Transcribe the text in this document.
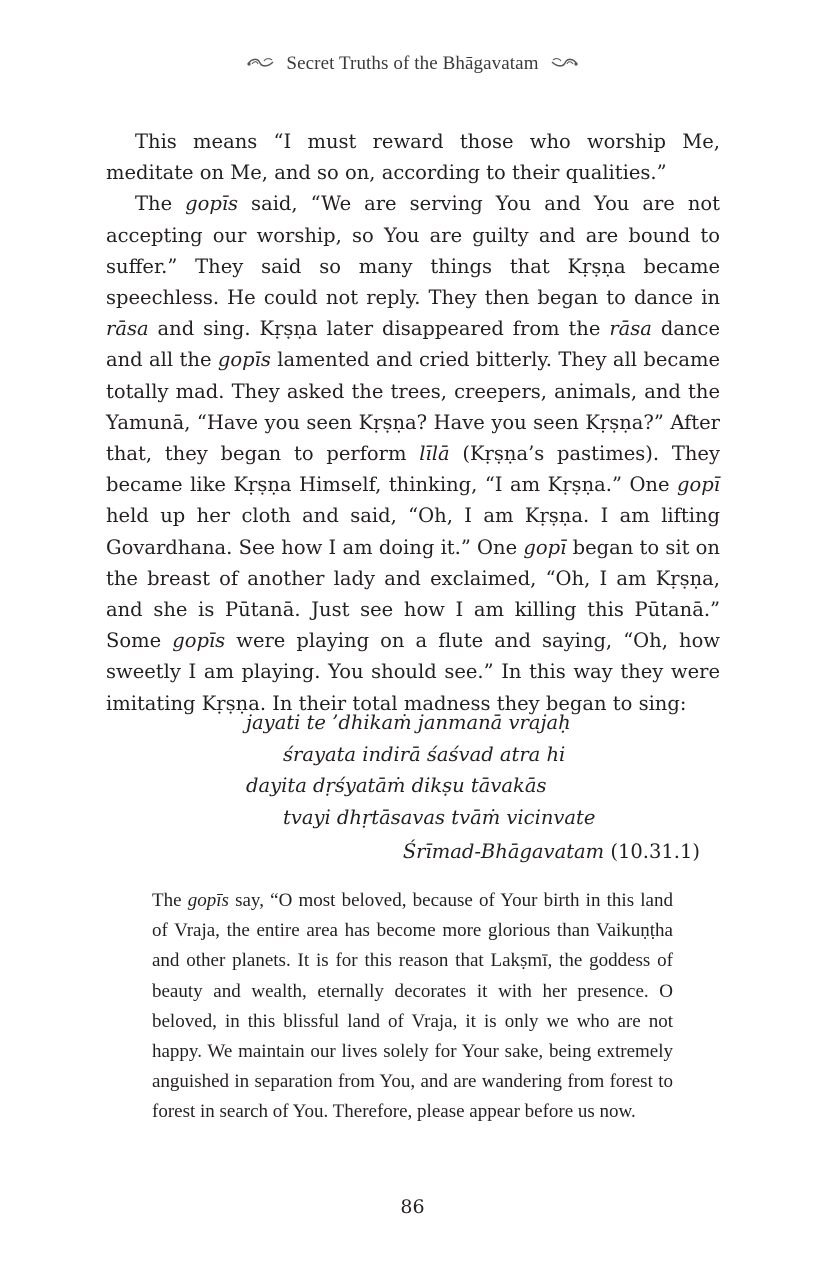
Secret Truths of the Bhāgavatam

This means “I must reward those who worship Me, meditate on Me, and so on, according to their qualities.”

The gopīs said, “We are serving You and You are not accepting our worship, so You are guilty and are bound to suffer.” They said so many things that Kṛṣṇa became speechless. He could not reply. They then began to dance in rāsa and sing. Kṛṣṇa later disappeared from the rāsa dance and all the gopīs lamented and cried bitterly. They all became totally mad. They asked the trees, creepers, animals, and the Yamunā, “Have you seen Kṛṣṇa? Have you seen Kṛṣṇa?” After that, they began to perform līlā (Kṛṣṇa’s pastimes). They became like Kṛṣṇa Himself, thinking, “I am Kṛṣṇa.” One gopī held up her cloth and said, “Oh, I am Kṛṣṇa. I am lifting Govardhana. See how I am doing it.” One gopī began to sit on the breast of another lady and exclaimed, “Oh, I am Kṛṣṇa, and she is Pūtanā. Just see how I am killing this Pūtanā.” Some gopīs were playing on a flute and saying, “Oh, how sweetly I am playing. You should see.” In this way they were imitating Kṛṣṇa. In their total madness they began to sing:

jayati te ’dhikaṁ janmanā vrajaḥ
śrayata indirā śaśvad atra hi
dayita dṛśyatāṁ dikṣu tāvakās
tvayi dhṛtāsavas tvāṁ vicinvate
Śrīmad-Bhāgavatam (10.31.1)

The gopīs say, “O most beloved, because of Your birth in this land of Vraja, the entire area has become more glorious than Vaikuṇṭha and other planets. It is for this reason that Lakṣmī, the goddess of beauty and wealth, eternally decorates it with her presence. O beloved, in this blissful land of Vraja, it is only we who are not happy. We maintain our lives solely for Your sake, being extremely anguished in separation from You, and are wandering from forest to forest in search of You. Therefore, please appear before us now.

86
